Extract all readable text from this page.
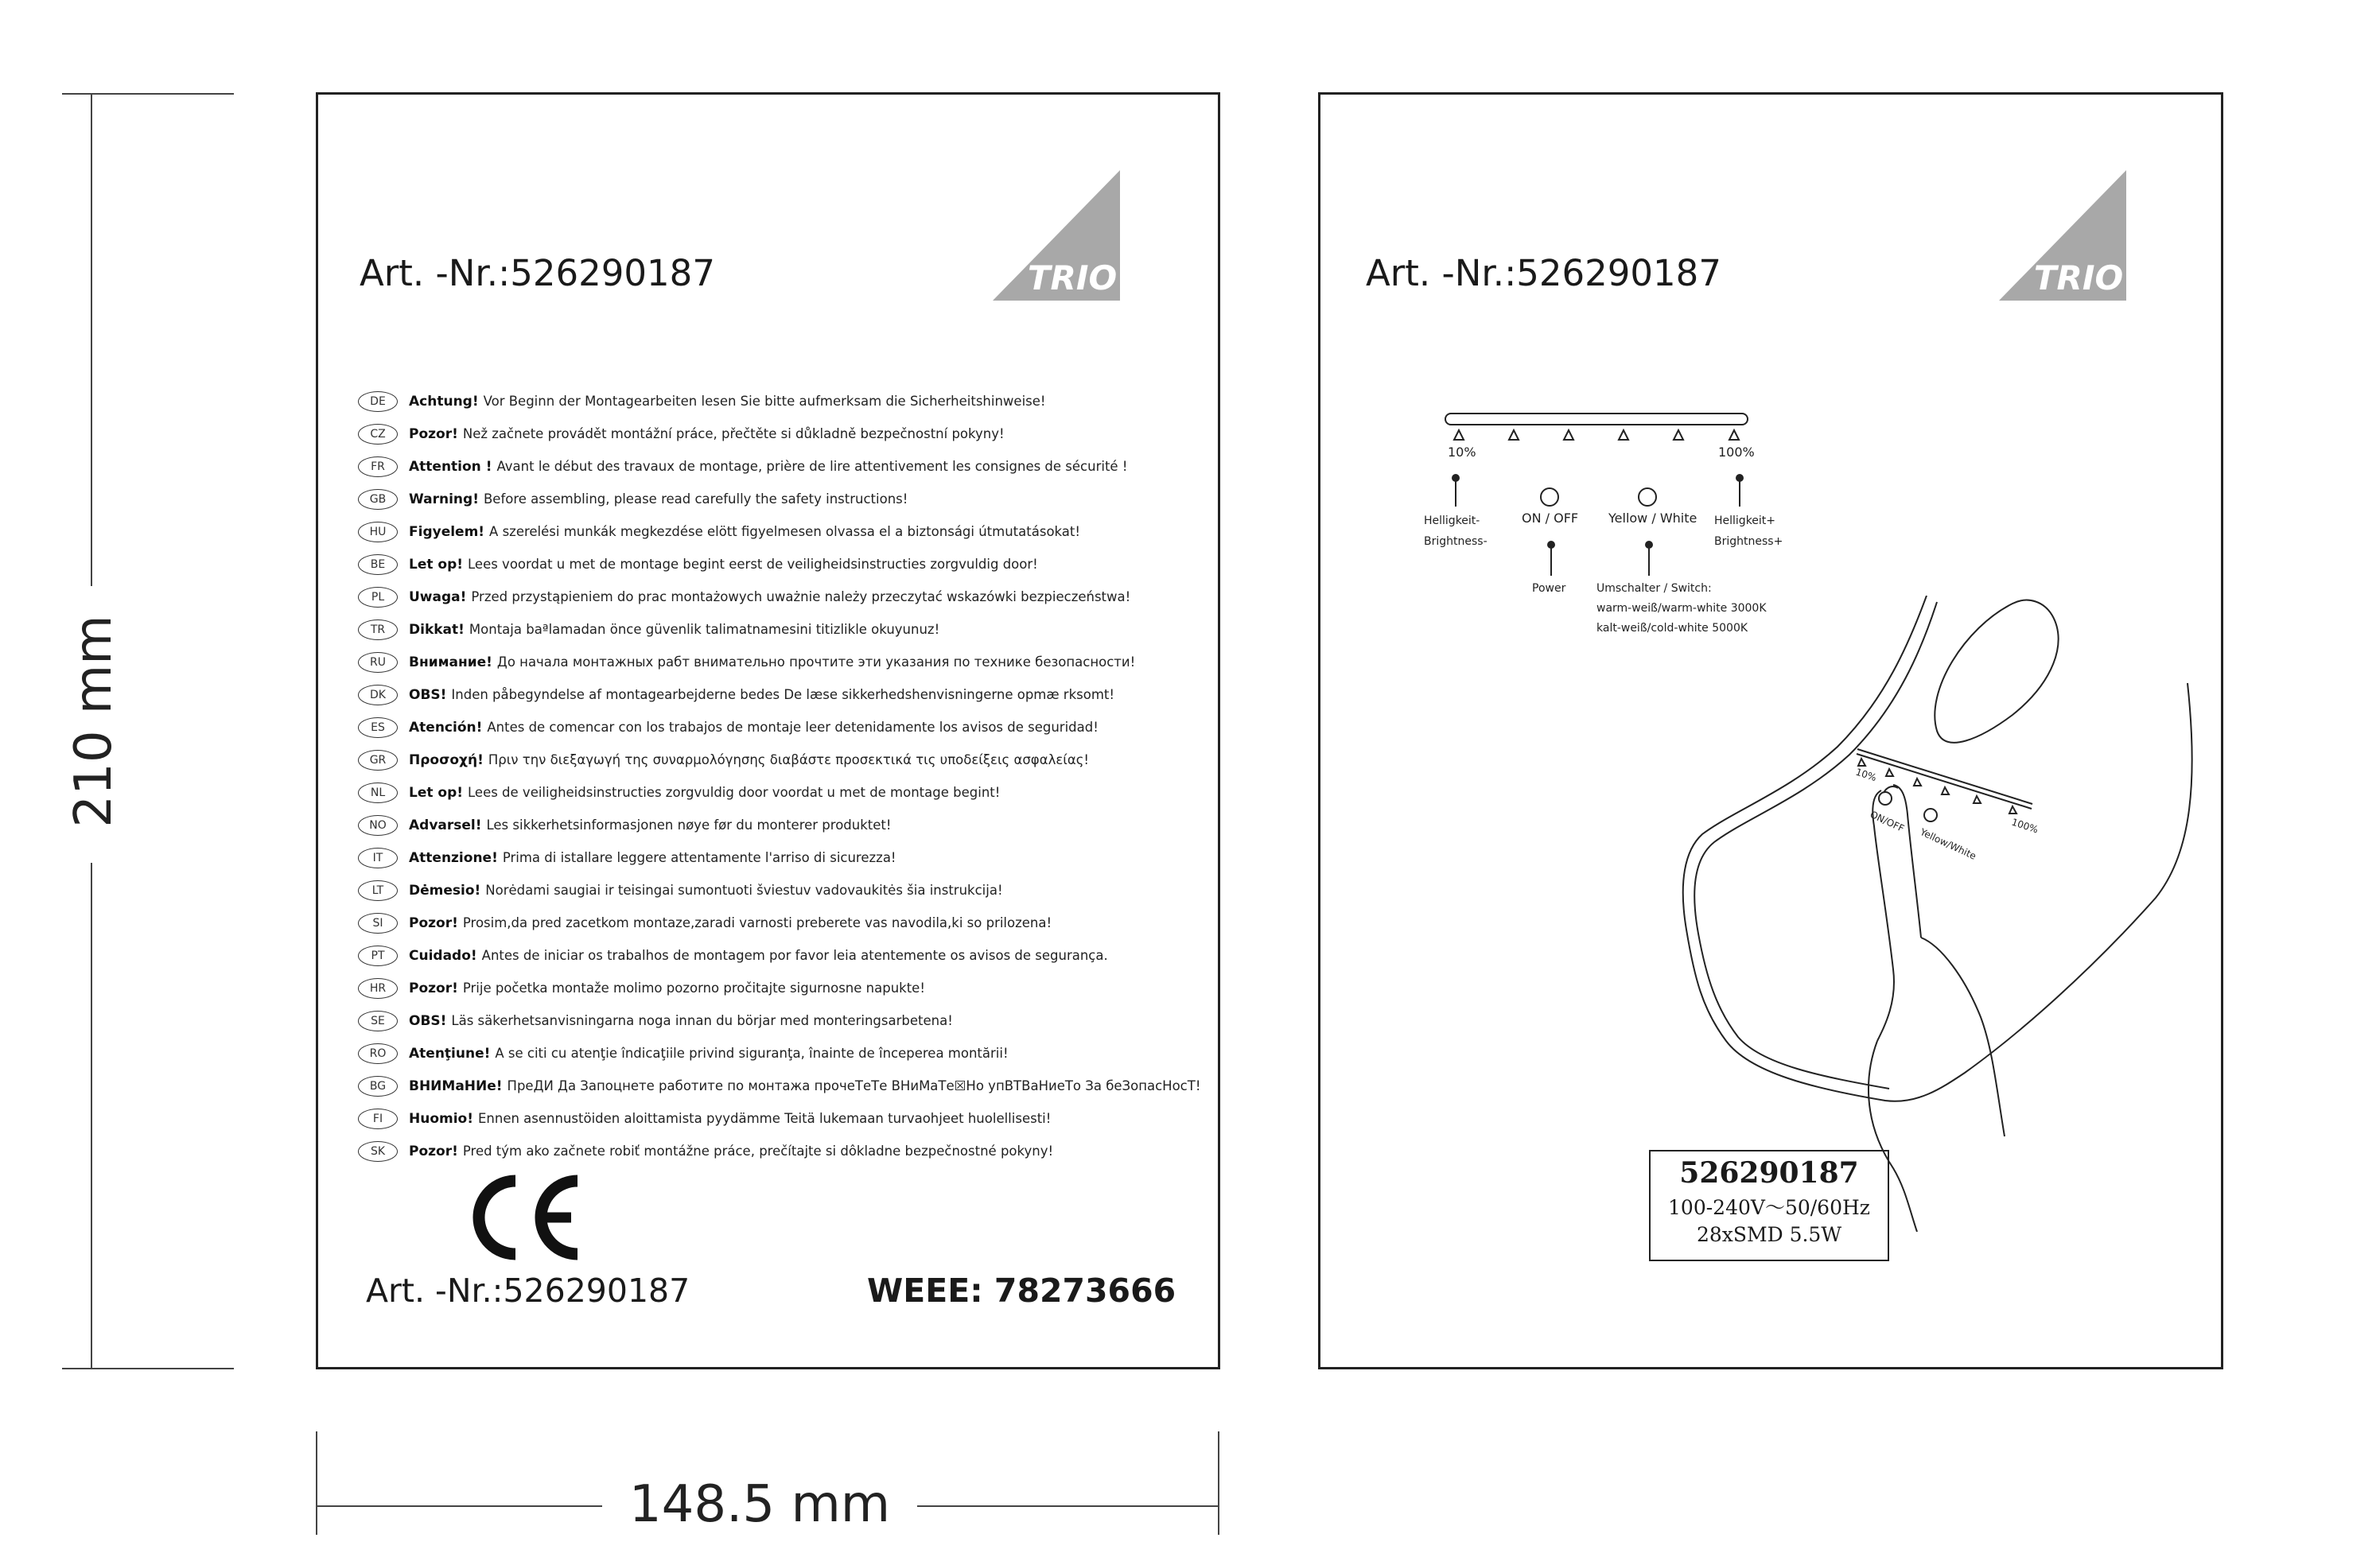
210 mm
148.5 mm
Art. -Nr.:526290187	TRIO
DE	Achtung! Vor Beginn der Montagearbeiten lesen Sie bitte aufmerksam die Sicherheitshinweise!
CZ	Pozor! Než začnete provádět montážní práce, přečtěte si důkladně bezpečnostní pokyny!
FR	Attention ! Avant le début des travaux de montage, prière de lire attentivement les consignes de sécurité !
GB	Warning! Before assembling, please read carefully the safety instructions!
HU	Figyelem! A szerelési munkák megkezdése elött figyelmesen olvassa el a biztonsági útmutatásokat!
BE	Let op! Lees voordat u met de montage begint eerst de veiligheidsinstructies zorgvuldig door!
PL	Uwaga! Przed przystąpieniem do prac montażowych uważnie należy przeczytać wskazówki bezpieczeństwa!
TR	Dikkat! Montaja baªlamadan önce güvenlik talimatnamesini titizlikle okuyunuz!
RU	Внимание! До начала монтажных рабт внимательно прочтите эти указания по технике безопасности!
DK	OBS! Inden påbegyndelse af montagearbejderne bedes De læse sikkerhedshenvisningerne opmæ rksomt!
ES	Atención! Antes de comencar con los trabajos de montaje leer detenidamente los avisos de seguridad!
GR	Προσοχή! Πριν την διεξαγωγή της συναρμολόγησης διαβάστε προσεκτικά τις υποδείξεις ασφαλείας!
NL	Let op! Lees de veiligheidsinstructies zorgvuldig door voordat u met de montage begint!
NO	Advarsel! Les sikkerhetsinformasjonen nøye før du monterer produktet!
IT	Attenzione! Prima di istallare leggere attentamente l'arriso di sicurezza!
LT	Dėmesio! Norėdami saugiai ir teisingai sumontuoti šviestuv vadovaukitės šia instrukcija!
SI	Pozor! Prosim,da pred zacetkom montaze,zaradi varnosti preberete vas navodila,ki so prilozena!
PT	Cuidado! Antes de iniciar os trabalhos de montagem por favor leia atentemente os avisos de segurança.
HR	Pozor! Prije početka montaže molimo pozorno pročitajte sigurnosne napukte!
SE	OBS! Läs säkerhetsanvisningarna noga innan du börjar med monteringsarbetena!
RO	Atenţiune! A se citi cu atenţie îndicaţiile privind siguranţa, înainte de începerea montării!
BG	ВНИМаНИе! ПреДИ Да Запоцнете работите по монтажа прочеТеТе ВНиМаТе☒Но упВТВаНиеТо За беЗопасНосТ!
FI	Huomio! Ennen asennustöiden aloittamista pyydämme Teitä lukemaan turvaohjeet huolellisesti!
SK	Pozor! Pred tým ako začnete robiť montážne práce, prečítajte si dôkladne bezpečnostné pokyny!
Art. -Nr.:526290187	WEEE: 78273666
Art. -Nr.:526290187	TRIO
10%	100%
ON / OFF Yellow / White
Helligkeit-
Brightness-
Helligkeit+
Brightness+
Power	Umschalter / Switch:
warm-weiß/warm-white 3000K
kalt-weiß/cold-white 5000K
10%
100%
ON/OFF
Yellow/White
526290187
100-240V～50/60Hz
28xSMD 5.5W
